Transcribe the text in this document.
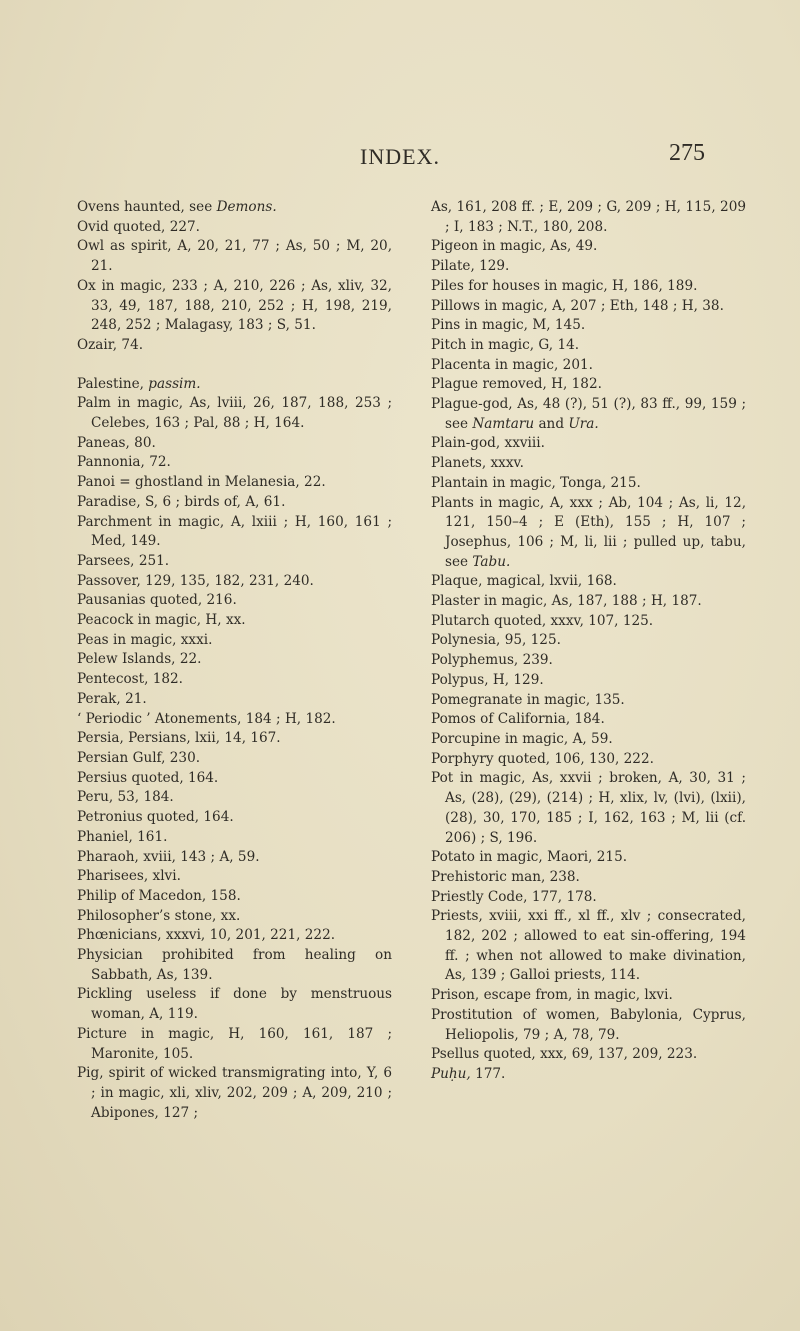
INDEX.	275
Ovens haunted, see Demons.
Ovid quoted, 227.
Owl as spirit, A, 20, 21, 77 ; As, 50 ; M, 20, 21.
Ox in magic, 233 ; A, 210, 226 ; As, xliv, 32, 33, 49, 187, 188, 210, 252 ; H, 198, 219, 248, 252 ; Malagasy, 183 ; S, 51.
Ozair, 74.
Palestine, passim.
Palm in magic, As, lviii, 26, 187, 188, 253 ; Celebes, 163 ; Pal, 88 ; H, 164.
Paneas, 80.
Pannonia, 72.
Panoi = ghostland in Melanesia, 22.
Paradise, S, 6 ; birds of, A, 61.
Parchment in magic, A, lxiii ; H, 160, 161 ; Med, 149.
Parsees, 251.
Passover, 129, 135, 182, 231, 240.
Pausanias quoted, 216.
Peacock in magic, H, xx.
Peas in magic, xxxi.
Pelew Islands, 22.
Pentecost, 182.
Perak, 21.
‘ Periodic ’ Atonements, 184 ; H, 182.
Persia, Persians, lxii, 14, 167.
Persian Gulf, 230.
Persius quoted, 164.
Peru, 53, 184.
Petronius quoted, 164.
Phaniel, 161.
Pharaoh, xviii, 143 ; A, 59.
Pharisees, xlvi.
Philip of Macedon, 158.
Philosopher’s stone, xx.
Phœnicians, xxxvi, 10, 201, 221, 222.
Physician prohibited from healing on Sabbath, As, 139.
Pickling useless if done by menstruous woman, A, 119.
Picture in magic, H, 160, 161, 187 ; Maronite, 105.
Pig, spirit of wicked transmigrating into, Y, 6 ; in magic, xli, xliv, 202, 209 ; A, 209, 210 ; Abipones, 127 ;
As, 161, 208 ff. ; E, 209 ; G, 209 ; H, 115, 209 ; I, 183 ; N.T., 180, 208.
Pigeon in magic, As, 49.
Pilate, 129.
Piles for houses in magic, H, 186, 189.
Pillows in magic, A, 207 ; Eth, 148 ; H, 38.
Pins in magic, M, 145.
Pitch in magic, G, 14.
Placenta in magic, 201.
Plague removed, H, 182.
Plague-god, As, 48 (?), 51 (?), 83 ff., 99, 159 ; see Namtaru and Ura.
Plain-god, xxviii.
Planets, xxxv.
Plantain in magic, Tonga, 215.
Plants in magic, A, xxx ; Ab, 104 ; As, li, 12, 121, 150–4 ; E (Eth), 155 ; H, 107 ; Josephus, 106 ; M, li, lii ; pulled up, tabu, see Tabu.
Plaque, magical, lxvii, 168.
Plaster in magic, As, 187, 188 ; H, 187.
Plutarch quoted, xxxv, 107, 125.
Polynesia, 95, 125.
Polyphemus, 239.
Polypus, H, 129.
Pomegranate in magic, 135.
Pomos of California, 184.
Porcupine in magic, A, 59.
Porphyry quoted, 106, 130, 222.
Pot in magic, As, xxvii ; broken, A, 30, 31 ; As, (28), (29), (214) ; H, xlix, lv, (lvi), (lxii), (28), 30, 170, 185 ; I, 162, 163 ; M, lii (cf. 206) ; S, 196.
Potato in magic, Maori, 215.
Prehistoric man, 238.
Priestly Code, 177, 178.
Priests, xviii, xxi ff., xl ff., xlv ; consecrated, 182, 202 ; allowed to eat sin-offering, 194 ff. ; when not allowed to make divination, As, 139 ; Galloi priests, 114.
Prison, escape from, in magic, lxvi.
Prostitution of women, Babylonia, Cyprus, Heliopolis, 79 ; A, 78, 79.
Psellus quoted, xxx, 69, 137, 209, 223.
Puḥu, 177.
